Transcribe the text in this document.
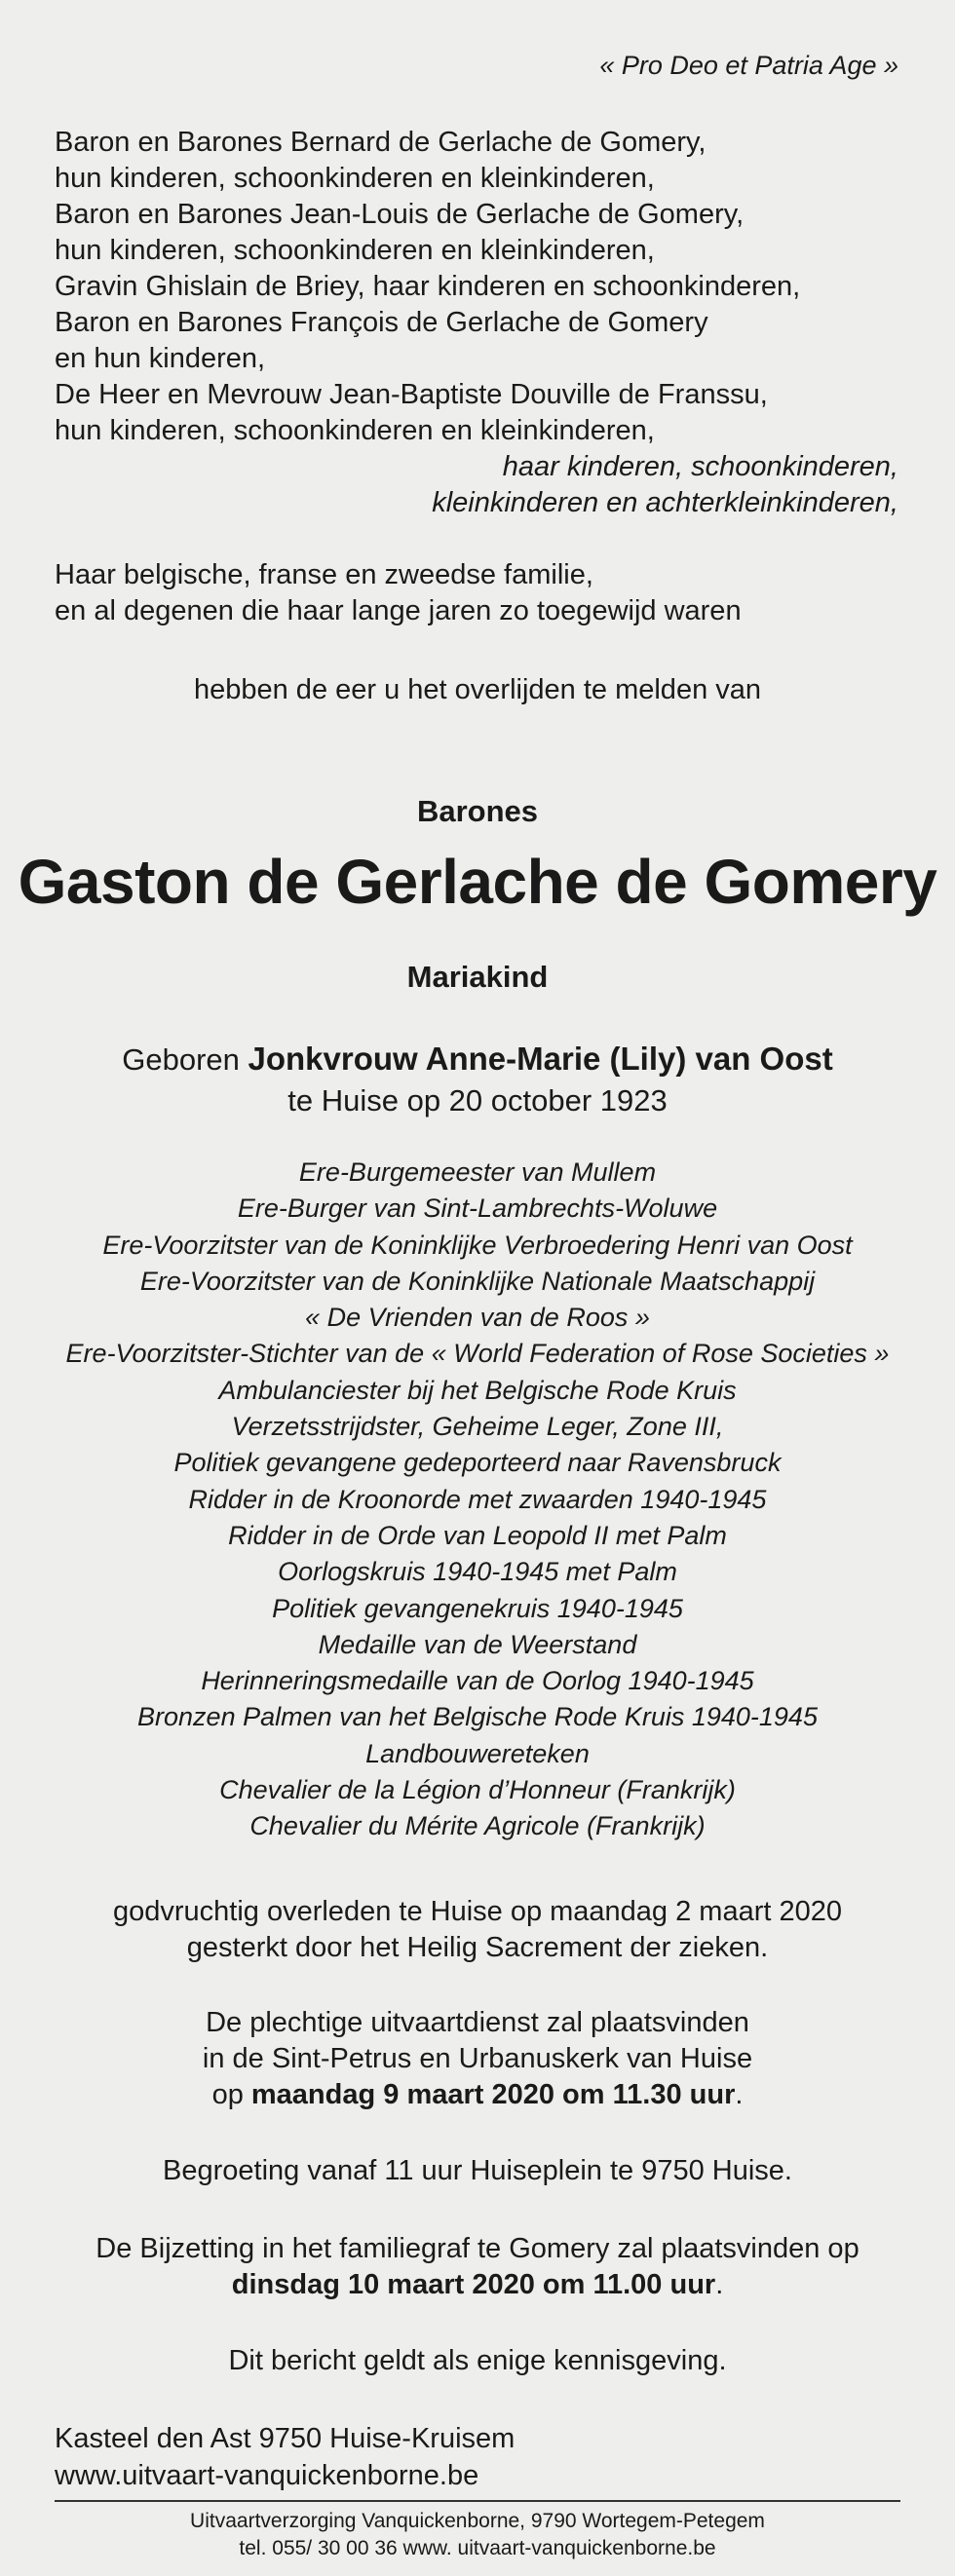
« Pro Deo et Patria Age »
Baron en Barones Bernard de Gerlache de Gomery,
hun kinderen, schoonkinderen en kleinkinderen,
Baron en Barones Jean-Louis de Gerlache de Gomery,
hun kinderen, schoonkinderen en kleinkinderen,
Gravin Ghislain de Briey, haar kinderen en schoonkinderen,
Baron en Barones François de Gerlache de Gomery
en hun kinderen,
De Heer en Mevrouw Jean-Baptiste Douville de Franssu,
hun kinderen, schoonkinderen en kleinkinderen,
haar kinderen, schoonkinderen,
kleinkinderen en achterkleinkinderen,
Haar belgische, franse en zweedse familie,
en al degenen die haar lange jaren zo toegewijd waren
hebben de eer u het overlijden te melden van
Barones
Gaston de Gerlache de Gomery
Mariakind
Geboren Jonkvrouw Anne-Marie (Lily) van Oost
te Huise op 20 october 1923
Ere-Burgemeester van Mullem
Ere-Burger van Sint-Lambrechts-Woluwe
Ere-Voorzitster van de Koninklijke Verbroedering Henri van Oost
Ere-Voorzitster van de Koninklijke Nationale Maatschappij
« De Vrienden van de Roos »
Ere-Voorzitster-Stichter van de « World Federation of Rose Societies »
Ambulanciester bij het Belgische Rode Kruis
Verzetsstrijdster, Geheime Leger, Zone III,
Politiek gevangene gedeporteerd naar Ravensbruck
Ridder in de Kroonorde met zwaarden 1940-1945
Ridder in de Orde van Leopold II met Palm
Oorlogskruis 1940-1945 met Palm
Politiek gevangenekruis 1940-1945
Medaille van de Weerstand
Herinneringsmedaille van de Oorlog 1940-1945
Bronzen Palmen van het Belgische Rode Kruis 1940-1945
Landbouwereteken
Chevalier de la Légion d’Honneur (Frankrijk)
Chevalier du Mérite Agricole (Frankrijk)
godvruchtig overleden te Huise op maandag 2 maart 2020
gesterkt door het Heilig Sacrement der zieken.
De plechtige uitvaartdienst zal plaatsvinden
in de Sint-Petrus en Urbanuskerk van Huise
op maandag 9 maart 2020 om 11.30 uur.
Begroeting vanaf 11 uur Huiseplein te 9750 Huise.
De Bijzetting in het familiegraf te Gomery zal plaatsvinden op
dinsdag 10 maart 2020 om 11.00 uur.
Dit bericht geldt als enige kennisgeving.
Kasteel den Ast 9750 Huise-Kruisem
www.uitvaart-vanquickenborne.be
Uitvaartverzorging Vanquickenborne, 9790 Wortegem-Petegem
tel. 055/ 30 00 36 www. uitvaart-vanquickenborne.be
